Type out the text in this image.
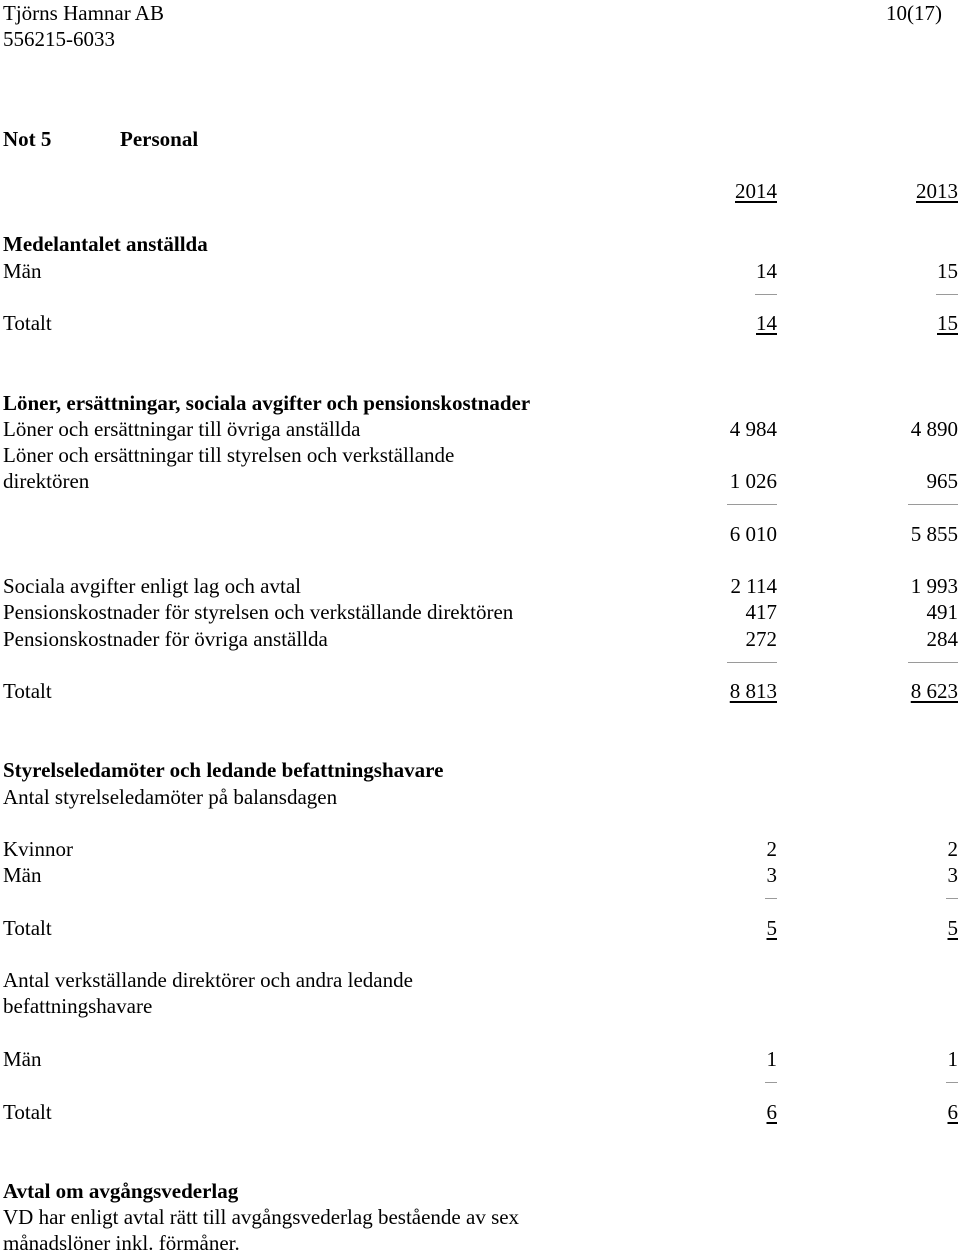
Tjörns Hamnar AB	10(17)
556215-6033
Not 5	Personal
2014	2013
Medelantalet anställda
Män	14	15
Totalt	14	15
Löner, ersättningar, sociala avgifter och pensionskostnader
Löner och ersättningar till övriga anställda	4 984	4 890
Löner och ersättningar till styrelsen och verkställande
direktören	1 026	965
6 010	5 855
Sociala avgifter enligt lag och avtal	2 114	1 993
Pensionskostnader för styrelsen och verkställande direktören	417	491
Pensionskostnader för övriga anställda	272	284
Totalt	8 813	8 623
Styrelseledamöter och ledande befattningshavare
Antal styrelseledamöter på balansdagen
Kvinnor	2	2
Män	3	3
Totalt	5	5
Antal verkställande direktörer och andra ledande
befattningshavare
Män	1	1
Totalt	6	6
Avtal om avgångsvederlag
VD har enligt avtal rätt till avgångsvederlag bestående av sex
månadslöner inkl. förmåner.
